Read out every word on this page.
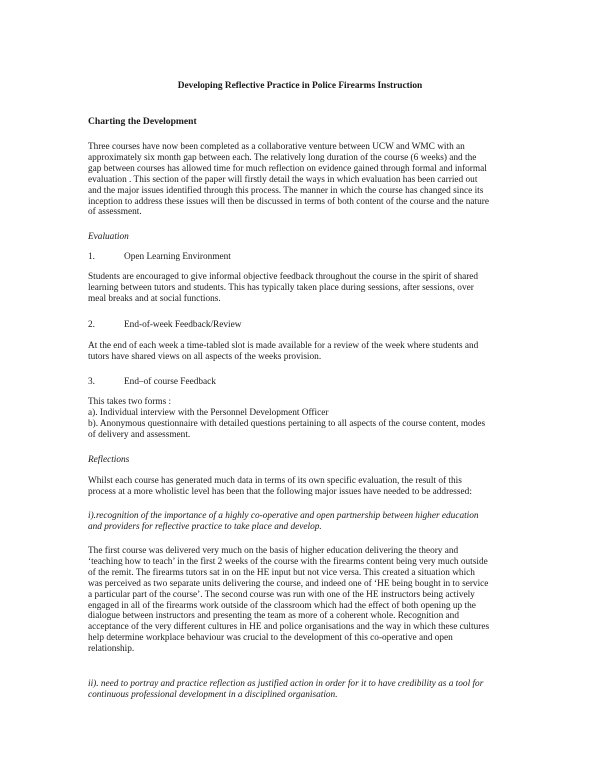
Developing Reflective Practice in Police Firearms Instruction
Charting the Development
Three courses have now been completed as a collaborative venture between UCW and WMC with an
approximately six month gap between each. The relatively long duration of the course (6 weeks) and the
gap between courses has allowed time for much reflection on evidence gained through formal and informal
evaluation . This section of the paper will firstly detail the ways in which evaluation has been carried out
and the major issues identified through this process. The manner in which the course has changed since its
inception to address these issues will then be discussed in terms of both content of the course and the nature
of assessment.
Evaluation
1.	Open Learning Environment
Students are encouraged to give informal objective feedback throughout the course in the spirit of shared
learning between tutors and students. This has typically taken place during sessions, after sessions, over
meal breaks and at social functions.
2.	End-of-week Feedback/Review
At the end of each week a time-tabled slot is made available for a review of the week where students and
tutors have shared views on all aspects of the weeks provision.
3.	End–of course Feedback
This takes two forms :
a). Individual interview with the Personnel Development Officer
b). Anonymous questionnaire with detailed questions pertaining to all aspects of the course content, modes
of delivery and assessment.
Reflections
Whilst each course has generated much data in terms of its own specific evaluation, the result of this
process at a more wholistic level has been that the following major issues have needed to be addressed:
i).recognition of the importance of a highly co-operative and open partnership between higher education
and providers for reflective practice to take place and develop.
The first course was delivered very much on the basis of higher education delivering the theory and
‘teaching how to teach’ in the first 2 weeks of the course with the firearms content being very much outside
of the remit. The firearms tutors sat in on the HE input but not vice versa. This created a situation which
was perceived as two separate units delivering the course, and indeed one of ‘HE being bought in to service
a particular part of the course’. The second course was run with one of the HE instructors being actively
engaged in all of the firearms work outside of the classroom which had the effect of both opening up the
dialogue between instructors and presenting the team as more of a coherent whole. Recognition and
acceptance of the very different cultures in HE and police organisations and the way in which these cultures
help determine workplace behaviour was crucial to the development of this co-operative and open
relationship.
ii). need to portray and practice reflection as justified action in order for it to have credibility as a tool for
continuous professional development in a disciplined organisation.
